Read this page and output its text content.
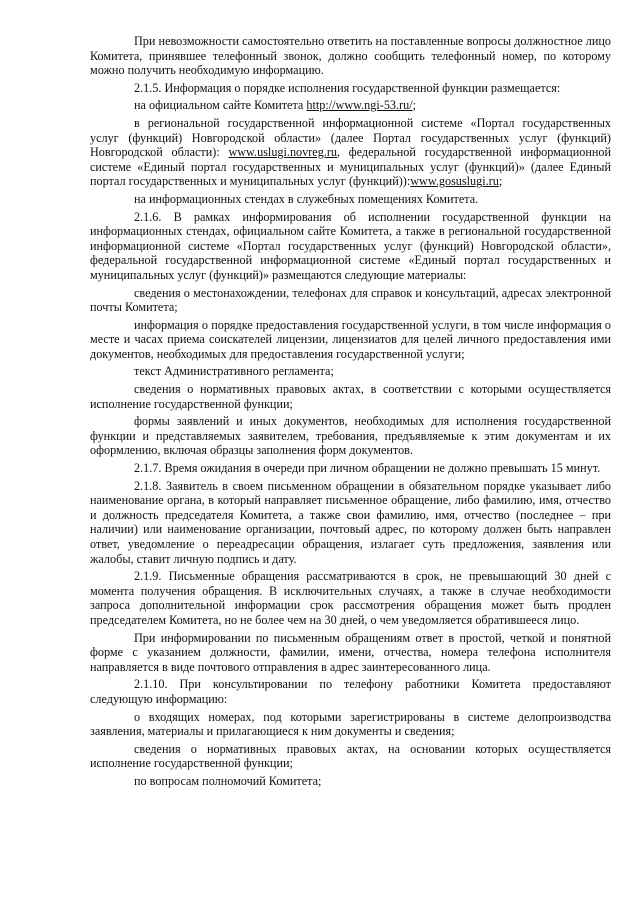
При невозможности самостоятельно ответить на поставленные вопросы должностное лицо Комитета, принявшее телефонный звонок, должно сообщить телефонный номер, по которому можно получить необходимую информацию.

2.1.5. Информация о порядке исполнения государственной функции размещается:

на официальном сайте Комитета http://www.ngi-53.ru/;

в региональной государственной информационной системе «Портал государственных услуг (функций) Новгородской области» (далее Портал государственных услуг (функций) Новгородской области): www.uslugi.novreg.ru, федеральной государственной информационной системе «Единый портал государственных и муниципальных услуг (функций)» (далее Единый портал государственных и муниципальных услуг (функций)):www.gosuslugi.ru;

на информационных стендах в служебных помещениях Комитета.

2.1.6. В рамках информирования об исполнении государственной функции на информационных стендах, официальном сайте Комитета, а также в региональной государственной информационной системе «Портал государственных услуг (функций) Новгородской области», федеральной государственной информационной системе «Единый портал государственных и муниципальных услуг (функций)» размещаются следующие материалы:

сведения о местонахождении, телефонах для справок и консультаций, адресах электронной почты Комитета;

информация о порядке предоставления государственной услуги, в том числе информация о месте и часах приема соискателей лицензии, лицензиатов для целей личного предоставления ими документов, необходимых для предоставления государственной услуги;

текст Административного регламента;

сведения о нормативных правовых актах, в соответствии с которыми осуществляется исполнение государственной функции;

формы заявлений и иных документов, необходимых для исполнения государственной функции и представляемых заявителем, требования, предъявляемые к этим документам и их оформлению, включая образцы заполнения форм документов.

2.1.7. Время ожидания в очереди при личном обращении не должно превышать 15 минут.

2.1.8. Заявитель в своем письменном обращении в обязательном порядке указывает либо наименование органа, в который направляет письменное обращение, либо фамилию, имя, отчество и должность председателя Комитета, а также свои фамилию, имя, отчество (последнее – при наличии) или наименование организации, почтовый адрес, по которому должен быть направлен ответ, уведомление о переадресации обращения, излагает суть предложения, заявления или жалобы, ставит личную подпись и дату.

2.1.9. Письменные обращения рассматриваются в срок, не превышающий 30 дней с момента получения обращения. В исключительных случаях, а также в случае необходимости запроса дополнительной информации срок рассмотрения обращения может быть продлен председателем Комитета, но не более чем на 30 дней, о чем уведомляется обратившееся лицо.

При информировании по письменным обращениям ответ в простой, четкой и понятной форме с указанием должности, фамилии, имени, отчества, номера телефона исполнителя направляется в виде почтового отправления в адрес заинтересованного лица.

2.1.10. При консультировании по телефону работники Комитета предоставляют следующую информацию:

о входящих номерах, под которыми зарегистрированы в системе делопроизводства заявления, материалы и прилагающиеся к ним документы и сведения;

сведения о нормативных правовых актах, на основании которых осуществляется исполнение государственной функции;

по вопросам полномочий Комитета;
